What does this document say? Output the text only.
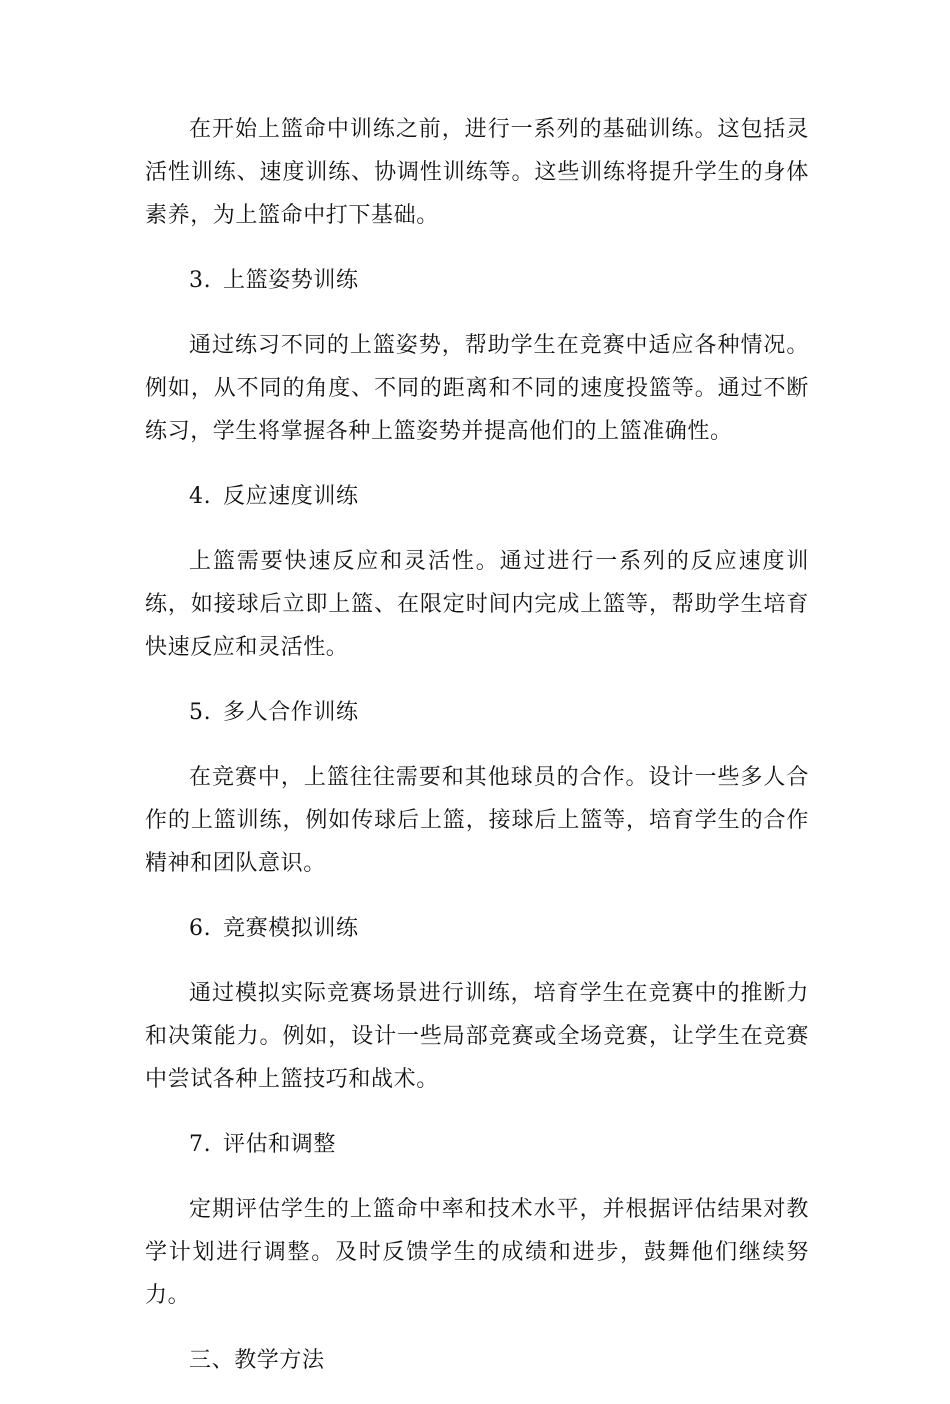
在开始上篮命中训练之前，进行一系列的基础训练。这包括灵活性训练、速度训练、协调性训练等。这些训练将提升学生的身体素养，为上篮命中打下基础。

3. 上篮姿势训练

通过练习不同的上篮姿势，帮助学生在竞赛中适应各种情况。例如，从不同的角度、不同的距离和不同的速度投篮等。通过不断练习，学生将掌握各种上篮姿势并提高他们的上篮准确性。

4. 反应速度训练

上篮需要快速反应和灵活性。通过进行一系列的反应速度训练，如接球后立即上篮、在限定时间内完成上篮等，帮助学生培育快速反应和灵活性。

5. 多人合作训练

在竞赛中，上篮往往需要和其他球员的合作。设计一些多人合作的上篮训练，例如传球后上篮，接球后上篮等，培育学生的合作精神和团队意识。

6. 竞赛模拟训练

通过模拟实际竞赛场景进行训练，培育学生在竞赛中的推断力和决策能力。例如，设计一些局部竞赛或全场竞赛，让学生在竞赛中尝试各种上篮技巧和战术。

7. 评估和调整

定期评估学生的上篮命中率和技术水平，并根据评估结果对教学计划进行调整。及时反馈学生的成绩和进步，鼓舞他们继续努力。

三、教学方法
